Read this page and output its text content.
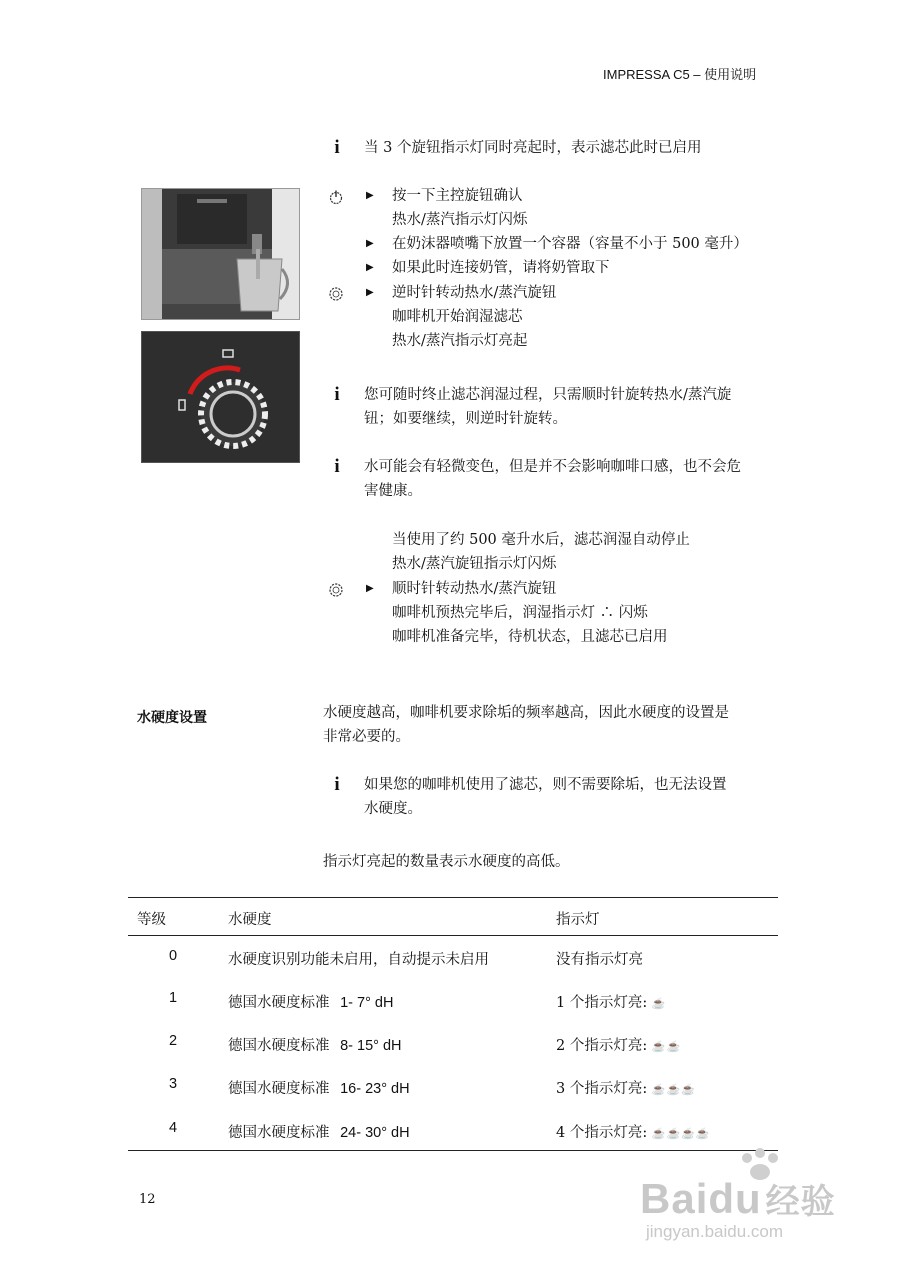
IMPRESSA C5 – 使用说明
i 当 3 个旋钮指示灯同时亮起时，表示滤芯此时已启用
▶ 按一下主控旋钮确认
热水/蒸汽指示灯闪烁
▶ 在奶沫器喷嘴下放置一个容器（容量不小于 500 毫升）
▶ 如果此时连接奶管，请将奶管取下
▶ 逆时针转动热水/蒸汽旋钮
咖啡机开始润湿滤芯
热水/蒸汽指示灯亮起
i 您可随时终止滤芯润湿过程，只需顺时针旋转热水/蒸汽旋
钮；如要继续，则逆时针旋转。
i 水可能会有轻微变色，但是并不会影响咖啡口感，也不会危
害健康。
当使用了约 500 毫升水后，滤芯润湿自动停止
热水/蒸汽旋钮指示灯闪烁
▶ 顺时针转动热水/蒸汽旋钮
咖啡机预热完毕后，润湿指示灯 ∴ 闪烁
咖啡机准备完毕，待机状态，且滤芯已启用
水硬度设置	水硬度越高，咖啡机要求除垢的频率越高，因此水硬度的设置是
非常必要的。
i 如果您的咖啡机使用了滤芯，则不需要除垢，也无法设置
水硬度。
指示灯亮起的数量表示水硬度的高低。
等级	水硬度	指示灯
0	水硬度识别功能未启用，自动提示未启用	没有指示灯亮
1	德国水硬度标准 1- 7° dH	1 个指示灯亮: ☕
2	德国水硬度标准 8- 15° dH	2 个指示灯亮: ☕☕
3	德国水硬度标准 16- 23° dH	3 个指示灯亮: ☕☕☕
4	德国水硬度标准 24- 30° dH	4 个指示灯亮: ☕☕☕☕
12	Baidu 经验
jingyan.baidu.com
